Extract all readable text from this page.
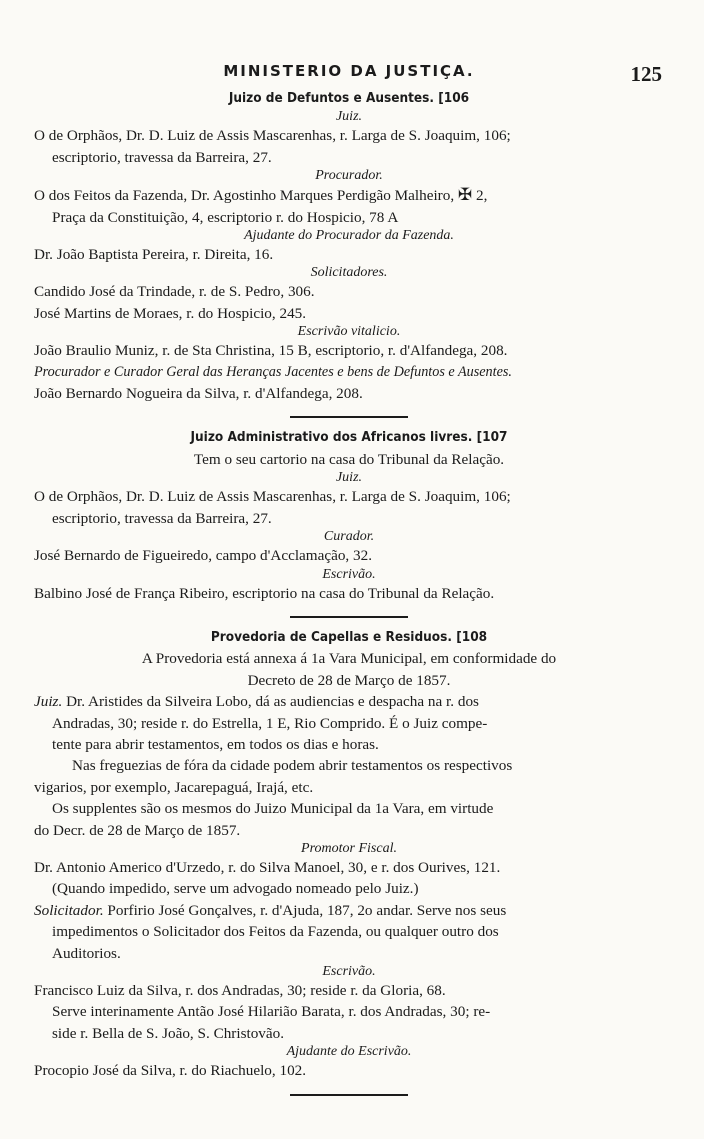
MINISTERIO DA JUSTIÇA.	125
Juizo de Defuntos e Ausentes. [106
Juiz.
O de Orphãos, Dr. D. Luiz de Assis Mascarenhas, r. Larga de S. Joaquim, 106;
escriptorio, travessa da Barreira, 27.
Procurador.
O dos Feitos da Fazenda, Dr. Agostinho Marques Perdigão Malheiro, ✠ 2,
Praça da Constituição, 4, escriptorio r. do Hospicio, 78 A
Ajudante do Procurador da Fazenda.
Dr. João Baptista Pereira, r. Direita, 16.
Solicitadores.
Candido José da Trindade, r. de S. Pedro, 306.
José Martins de Moraes, r. do Hospicio, 245.
Escrivão vitalicio.
João Braulio Muniz, r. de Sta Christina, 15 B, escriptorio, r. d'Alfandega, 208.
Procurador e Curador Geral das Heranças Jacentes e bens de Defuntos e Ausentes.
João Bernardo Nogueira da Silva, r. d'Alfandega, 208.
Juizo Administrativo dos Africanos livres. [107
Tem o seu cartorio na casa do Tribunal da Relação.
Juiz.
O de Orphãos, Dr. D. Luiz de Assis Mascarenhas, r. Larga de S. Joaquim, 106;
escriptorio, travessa da Barreira, 27.
Curador.
José Bernardo de Figueiredo, campo d'Acclamação, 32.
Escrivão.
Balbino José de França Ribeiro, escriptorio na casa do Tribunal da Relação.
Provedoria de Capellas e Residuos. [108
A Provedoria está annexa á 1a Vara Municipal, em conformidade do
Decreto de 28 de Março de 1857.
Juiz. Dr. Aristides da Silveira Lobo, dá as audiencias e despacha na r. dos
Andradas, 30; reside r. do Estrella, 1 E, Rio Comprido. É o Juiz compe-
tente para abrir testamentos, em todos os dias e horas.
Nas freguezias de fóra da cidade podem abrir testamentos os respectivos
vigarios, por exemplo, Jacarepaguá, Irajá, etc.
Os supplentes são os mesmos do Juizo Municipal da 1a Vara, em virtude
do Decr. de 28 de Março de 1857.
Promotor Fiscal.
Dr. Antonio Americo d'Urzedo, r. do Silva Manoel, 30, e r. dos Ourives, 121.
(Quando impedido, serve um advogado nomeado pelo Juiz.)
Solicitador. Porfirio José Gonçalves, r. d'Ajuda, 187, 2o andar. Serve nos seus
impedimentos o Solicitador dos Feitos da Fazenda, ou qualquer outro dos
Auditorios.
Escrivão.
Francisco Luiz da Silva, r. dos Andradas, 30; reside r. da Gloria, 68.
Serve interinamente Antão José Hilarião Barata, r. dos Andradas, 30; re-
side r. Bella de S. João, S. Christovão.
Ajudante do Escrivão.
Procopio José da Silva, r. do Riachuelo, 102.
